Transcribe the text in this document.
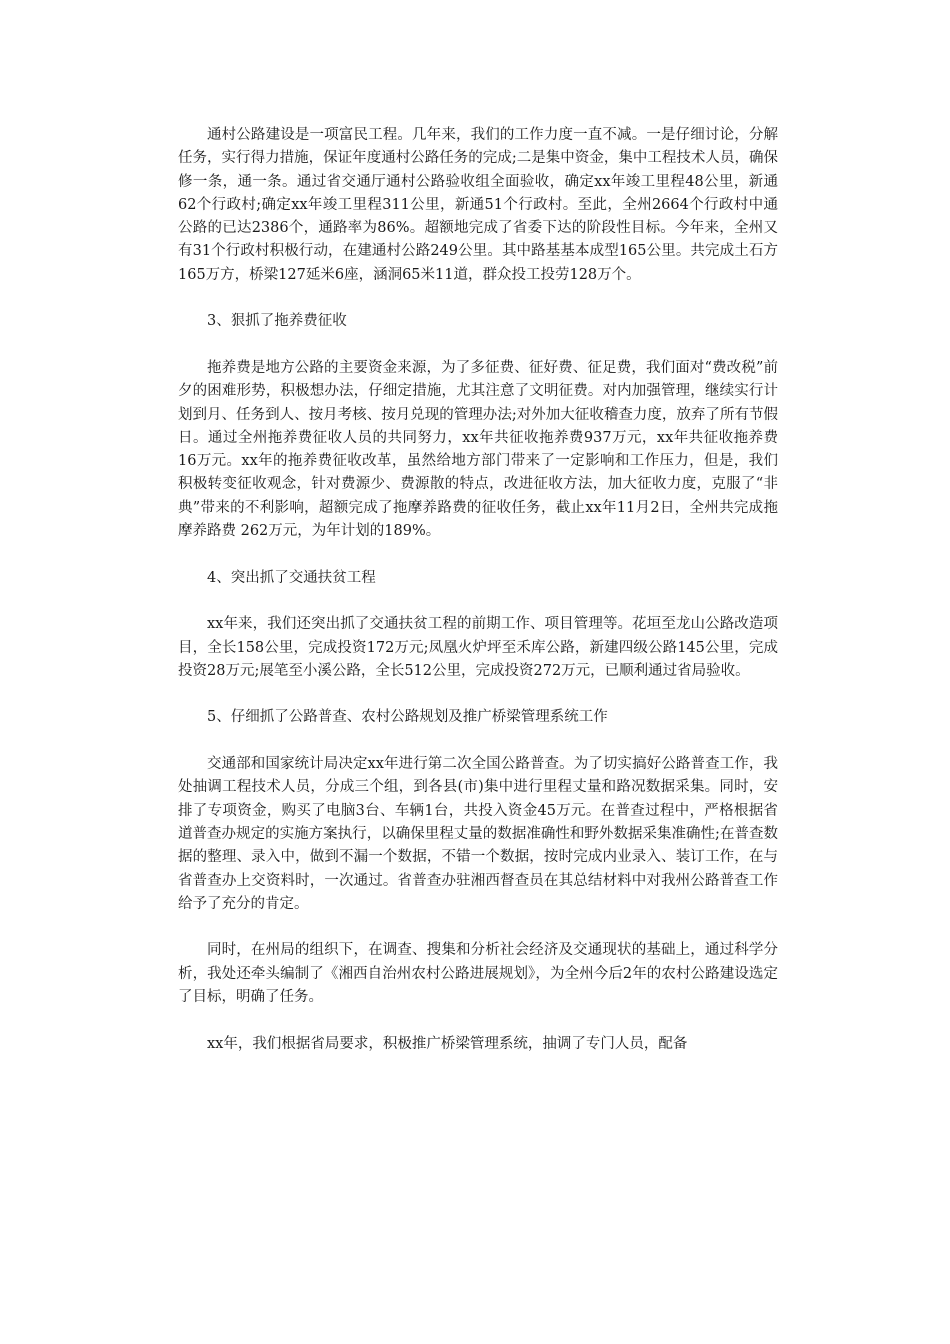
通村公路建设是一项富民工程。几年来，我们的工作力度一直不减。一是仔细讨论，分解任务，实行得力措施，保证年度通村公路任务的完成;二是集中资金，集中工程技术人员，确保修一条，通一条。通过省交通厅通村公路验收组全面验收，确定xx年竣工里程48公里，新通62个行政村;确定xx年竣工里程311公里，新通51个行政村。至此，全州2664个行政村中通公路的已达2386个，通路率为86%。超额地完成了省委下达的阶段性目标。今年来，全州又有31个行政村积极行动，在建通村公路249公里。其中路基基本成型165公里。共完成土石方165万方，桥梁127延米6座，涵洞65米11道，群众投工投劳128万个。

3、狠抓了拖养费征收

拖养费是地方公路的主要资金来源，为了多征费、征好费、征足费，我们面对“费改税”前夕的困难形势，积极想办法，仔细定措施，尤其注意了文明征费。对内加强管理，继续实行计划到月、任务到人、按月考核、按月兑现的管理办法;对外加大征收稽查力度，放弃了所有节假日。通过全州拖养费征收人员的共同努力，xx年共征收拖养费937万元，xx年共征收拖养费16万元。xx年的拖养费征收改革，虽然给地方部门带来了一定影响和工作压力，但是，我们积极转变征收观念，针对费源少、费源散的特点，改进征收方法，加大征收力度，克服了“非典”带来的不利影响，超额完成了拖摩养路费的征收任务，截止xx年11月2日，全州共完成拖摩养路费 262万元，为年计划的189%。

4、突出抓了交通扶贫工程

xx年来，我们还突出抓了交通扶贫工程的前期工作、项目管理等。花垣至龙山公路改造项目，全长158公里，完成投资172万元;凤凰火炉坪至禾库公路，新建四级公路145公里，完成投资28万元;展笔至小溪公路，全长512公里，完成投资272万元，已顺利通过省局验收。

5、仔细抓了公路普查、农村公路规划及推广桥梁管理系统工作

交通部和国家统计局决定xx年进行第二次全国公路普查。为了切实搞好公路普查工作，我处抽调工程技术人员，分成三个组，到各县(市)集中进行里程丈量和路况数据采集。同时，安排了专项资金，购买了电脑3台、车辆1台，共投入资金45万元。在普查过程中，严格根据省道普查办规定的实施方案执行，以确保里程丈量的数据准确性和野外数据采集准确性;在普查数据的整理、录入中，做到不漏一个数据，不错一个数据，按时完成内业录入、装订工作，在与省普查办上交资料时，一次通过。省普查办驻湘西督查员在其总结材料中对我州公路普查工作给予了充分的肯定。

同时，在州局的组织下，在调查、搜集和分析社会经济及交通现状的基础上，通过科学分析，我处还牵头编制了《湘西自治州农村公路进展规划》，为全州今后2年的农村公路建设选定了目标，明确了任务。

xx年，我们根据省局要求，积极推广桥梁管理系统，抽调了专门人员，配备
